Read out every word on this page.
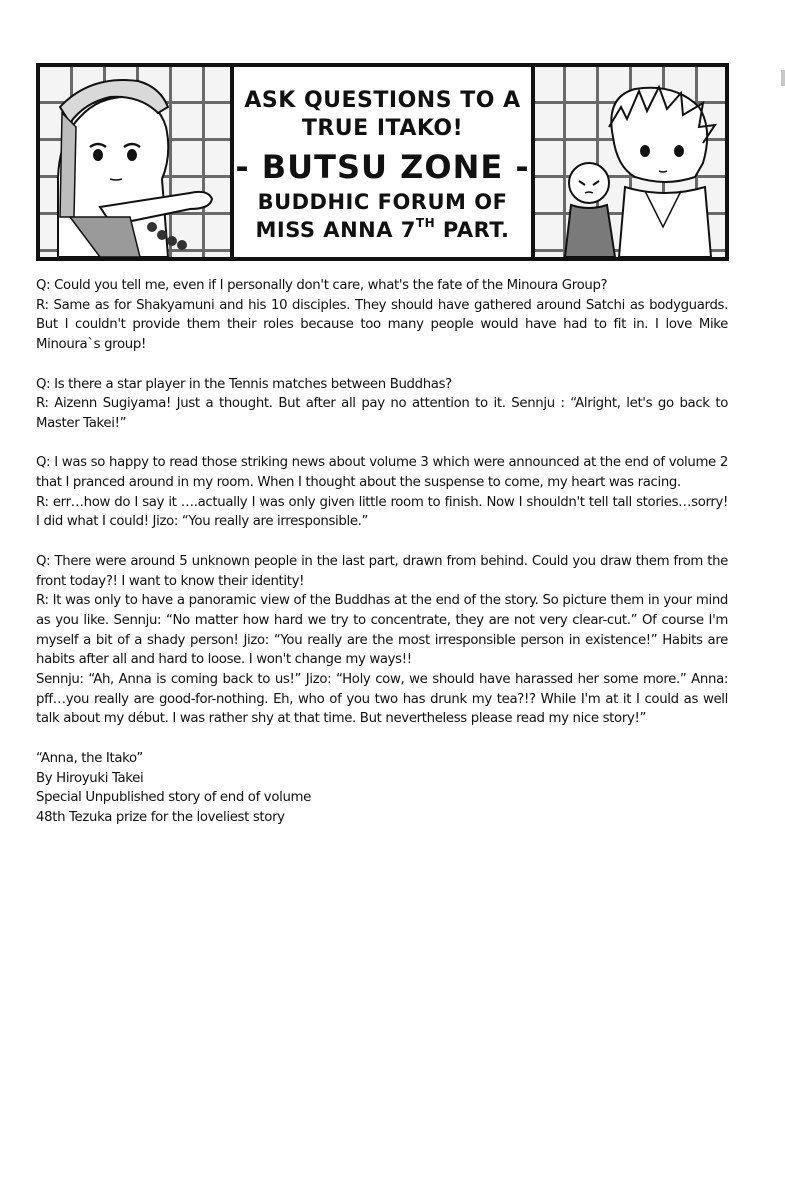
ASK QUESTIONS TO A
TRUE ITAKO!
- BUTSU ZONE -
BUDDHIC FORUM OF
MISS ANNA 7TH PART.

Q: Could you tell me, even if I personally don't care, what's the fate of the Minoura Group?
R: Same as for Shakyamuni and his 10 disciples. They should have gathered around Satchi as bodyguards. But I couldn't provide them their roles because too many people would have had to fit in. I love Mike Minoura`s group!

Q: Is there a star player in the Tennis matches between Buddhas?
R: Aizenn Sugiyama! Just a thought. But after all pay no attention to it. Sennju : “Alright, let's go back to Master Takei!”

Q: I was so happy to read those striking news about volume 3 which were announced at the end of volume 2 that I pranced around in my room. When I thought about the suspense to come, my heart was racing.
R: err…how do I say it ….actually I was only given little room to finish. Now I shouldn't tell tall stories…sorry! I did what I could! Jizo: “You really are irresponsible.”

Q: There were around 5 unknown people in the last part, drawn from behind. Could you draw them from the front today?! I want to know their identity!
R: It was only to have a panoramic view of the Buddhas at the end of the story. So picture them in your mind as you like. Sennju: “No matter how hard we try to concentrate, they are not very clear-cut.” Of course I'm myself a bit of a shady person! Jizo: “You really are the most irresponsible person in existence!” Habits are habits after all and hard to loose. I won't change my ways!!
Sennju: “Ah, Anna is coming back to us!” Jizo: “Holy cow, we should have harassed her some more.” Anna: pff…you really are good-for-nothing. Eh, who of you two has drunk my tea?!? While I'm at it I could as well talk about my début. I was rather shy at that time. But nevertheless please read my nice story!”

“Anna, the Itako”
By Hiroyuki Takei
Special Unpublished story of end of volume
48th Tezuka prize for the loveliest story
